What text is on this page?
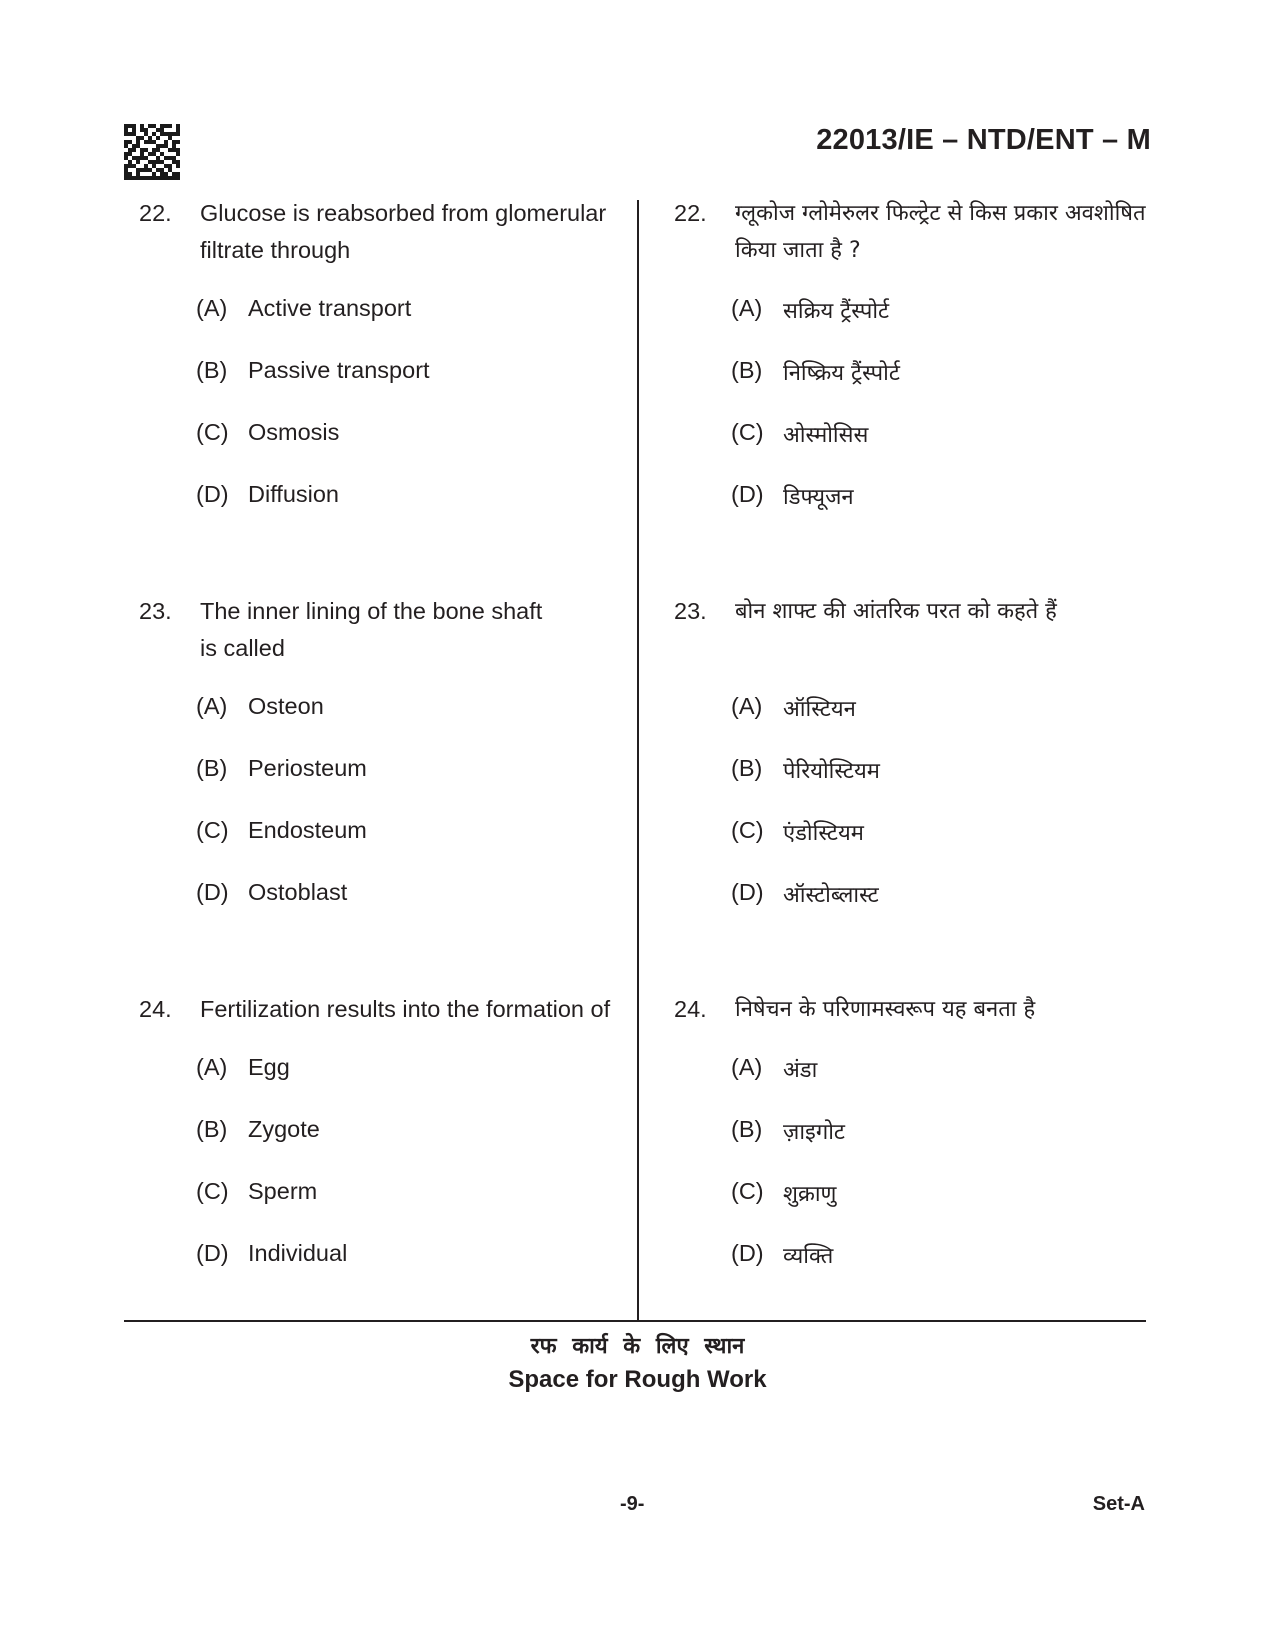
22013/IE – NTD/ENT – M
22.	Glucose is reabsorbed from glomerular
filtrate through
(A) Active transport
(B) Passive transport
(C) Osmosis
(D) Diffusion
23.	The inner lining of the bone shaft
is called
(A) Osteon
(B) Periosteum
(C) Endosteum
(D) Ostoblast
24.	Fertilization results into the formation of
(A) Egg
(B) Zygote
(C) Sperm
(D) Individual
22.	ग्लूकोज ग्लोमेरुलर फिल्ट्रेट से किस प्रकार अवशोषित
किया जाता है ?
(A) सक्रिय ट्रैंस्पोर्ट
(B) निष्क्रिय ट्रैंस्पोर्ट
(C) ओस्मोसिस
(D) डिफ्यूजन
23.	बोन शाफ्ट की आंतरिक परत को कहते हैं

(A) ऑस्टियन
(B) पेरियोस्टियम
(C) एंडोस्टियम
(D) ऑस्टोब्लास्ट
24.	निषेचन के परिणामस्वरूप यह बनता है
(A) अंडा
(B) ज़ाइगोट
(C) शुक्राणु
(D) व्यक्ति
रफ कार्य के लिए स्थान
Space for Rough Work
-9-	Set-A
